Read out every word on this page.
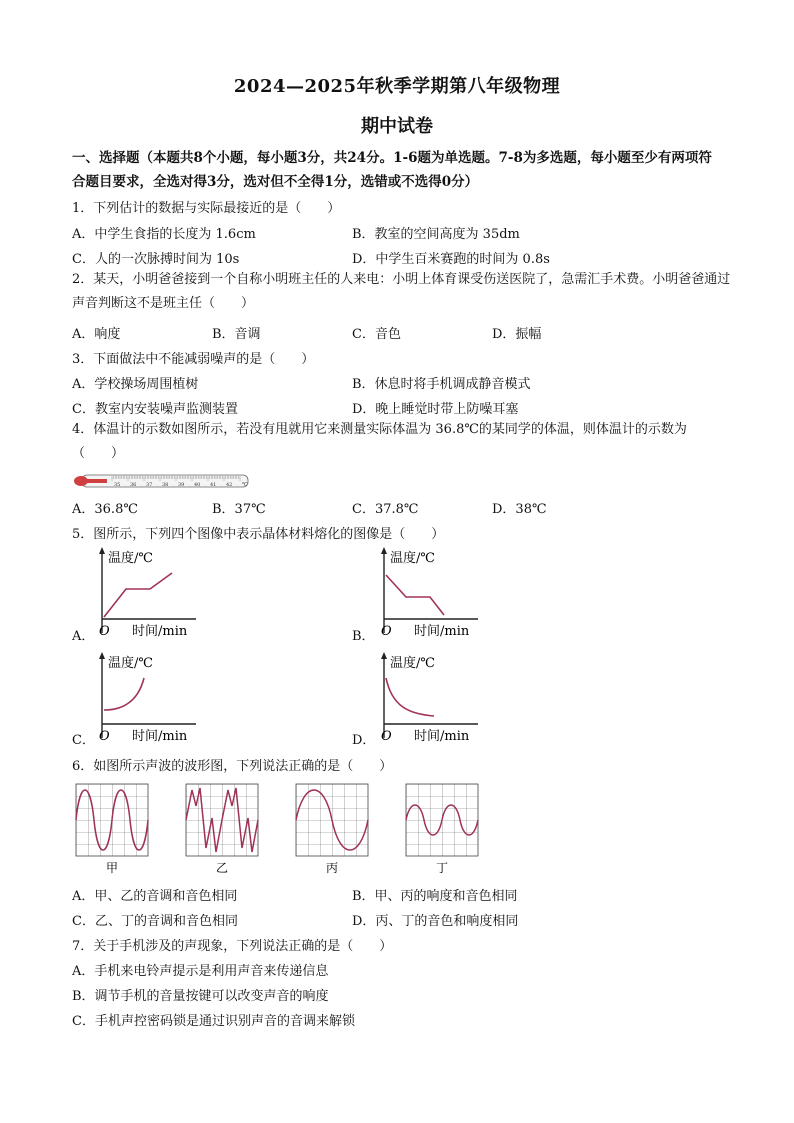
2024—2025年秋季学期第八年级物理
期中试卷
一、选择题（本题共8个小题，每小题3分，共24分。1-6题为单选题。7-8为多选题，每小题至少有两项符合题目要求，全选对得3分，选对但不全得1分，选错或不选得0分）
1．下列估计的数据与实际最接近的是（　　）
A．中学生食指的长度为 1.6cm	B．教室的空间高度为 35dm
C．人的一次脉搏时间为 10s	D．中学生百米赛跑的时间为 0.8s
2．某天，小明爸爸接到一个自称小明班主任的人来电：小明上体育课受伤送医院了，急需汇手术费。小明爸爸通过声音判断这不是班主任（　　）
A．响度	B．音调	C．音色	D．振幅
3．下面做法中不能减弱噪声的是（　　）
A．学校操场周围植树	B．休息时将手机调成静音模式
C．教室内安装噪声监测装置	D．晚上睡觉时带上防噪耳塞
4．体温计的示数如图所示，若没有甩就用它来测量实际体温为 36.8℃的某同学的体温，则体温计的示数为（　　）
35 36 37 38 39 40 41 42 ℃
A．36.8℃	B．37℃	C．37.8℃	D．38℃
5．图所示，下列四个图像中表示晶体材料熔化的图像是（　　）
A．
温度/℃
O 时间/min	B．
温度/℃
O 时间/min
C．
温度/℃
O 时间/min	D．
温度/℃
O 时间/min
6．如图所示声波的波形图，下列说法正确的是（　　）
甲	乙	丙	丁
A．甲、乙的音调和音色相同	B．甲、丙的响度和音色相同
C．乙、丁的音调和音色相同	D．丙、丁的音色和响度相同
7．关于手机涉及的声现象，下列说法正确的是（　　）
A．手机来电铃声提示是利用声音来传递信息
B．调节手机的音量按键可以改变声音的响度
C．手机声控密码锁是通过识别声音的音调来解锁
